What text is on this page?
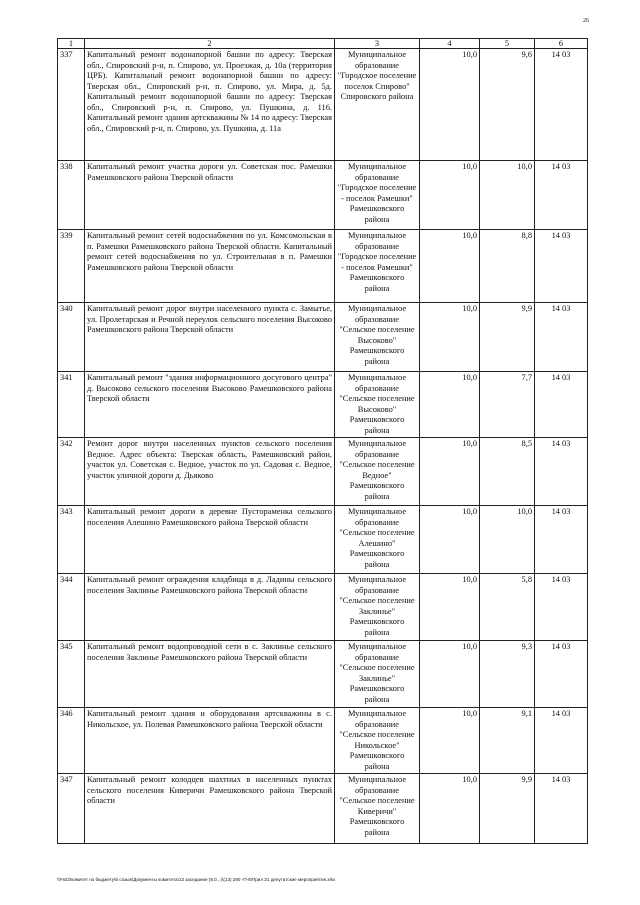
26
1	2	3	4	5	6
337	Капитальный ремонт водонапорной башни по адресу: Тверская обл., Спировский р-н, п. Спирово, ул. Проезжая, д. 10а (территория ЦРБ). Капитальный ремонт водонапорной башни по адресу: Тверская обл., Спировский р-н, п. Спирово, ул. Мира, д. 5д. Капитальный ремонт водонапорной башни по адресу: Тверская обл., Спировский р-н, п. Спирово, ул. Пушкина, д. 116. Капитальный ремонт здания артскважины № 14 по адресу: Тверская обл., Спировский р-н, п. Спирово, ул. Пушкина, д. 11а	Муниципальное образование "Городское поселение поселок Спирово" Спировского района	10,0	9,6	14 03
338	Капитальный ремонт участка дороги ул. Советская пос. Рамешки Рамешковского района Тверской области	Муниципальное образование "Городское поселение - поселок Рамешки" Рамешковского района	10,0	10,0	14 03
339	Капитальный ремонт сетей водоснабжения по ул. Комсомольская в п. Рамешки Рамешковского района Тверской области. Капитальный ремонт сетей водоснабжения по ул. Строительная в п. Рамешки Рамешковского района Тверской области	Муниципальное образование "Городское поселение - поселок Рамешки" Рамешковского района	10,0	8,8	14 03
340	Капитальный ремонт дорог внутри населенного пункта с. Замытье, ул. Пролетарская и Речной переулок сельского поселения Высоково Рамешковского района Тверской области	Муниципальное образование "Сельское поселение Высоково" Рамешковского района	10,0	9,9	14 03
341	Капитальный ремонт "здания информационного досугового центра" д. Высоково сельского поселения Высоково Рамешковского района Тверской области	Муниципальное образование "Сельское поселение Высоково" Рамешковского района	10,0	7,7	14 03
342	Ремонт дорог внутри населенных пунктов сельского поселения Ведное. Адрес объекта: Тверская область, Рамешковский район, участок ул. Советская с. Ведное, участок по ул. Садовая с. Ведное, участок уличной дороги д. Дьяково	Муниципальное образование "Сельское поселение Ведное" Рамешковского района	10,0	8,5	14 03
343	Капитальный ремонт дороги в деревне Пустораменка сельского поселения Алешино Рамешковского района Тверской области	Муниципальное образование "Сельское поселение Алешино" Рамешковского района	10,0	10,0	14 03
344	Капитальный ремонт ограждения кладбища в д. Ладины сельского поселения Заклинье Рамешковского района Тверской области	Муниципальное образование "Сельское поселение Заклинье" Рамешковского района	10,0	5,8	14 03
345	Капитальный ремонт водопроводной сети в с. Заклинье сельского поселения Заклинье Рамешковского района Тверской области	Муниципальное образование "Сельское поселение Заклинье" Рамешковского района	10,0	9,3	14 03
346	Капитальный ремонт здания и оборудования артскважины в с. Никольское, ул. Полевая Рамешковского района Тверской области	Муниципальное образование "Сельское поселение Никольское" Рамешковского района	10,0	9,1	14 03
347	Капитальный ремонт колодцев шахтных в населенных пунктах сельского поселения Киверичи Рамешковского района Тверской области	Муниципальное образование "Сельское поселение Киверичи" Рамешковского района	10,0	9,9	14 03
\\Fs02\комитет по бюджету\6 созыв\Документы комитета\13 заседание (9.0...)\(13) 280 -П-6\Прил 31 депутатские мероприятия.xlsx
